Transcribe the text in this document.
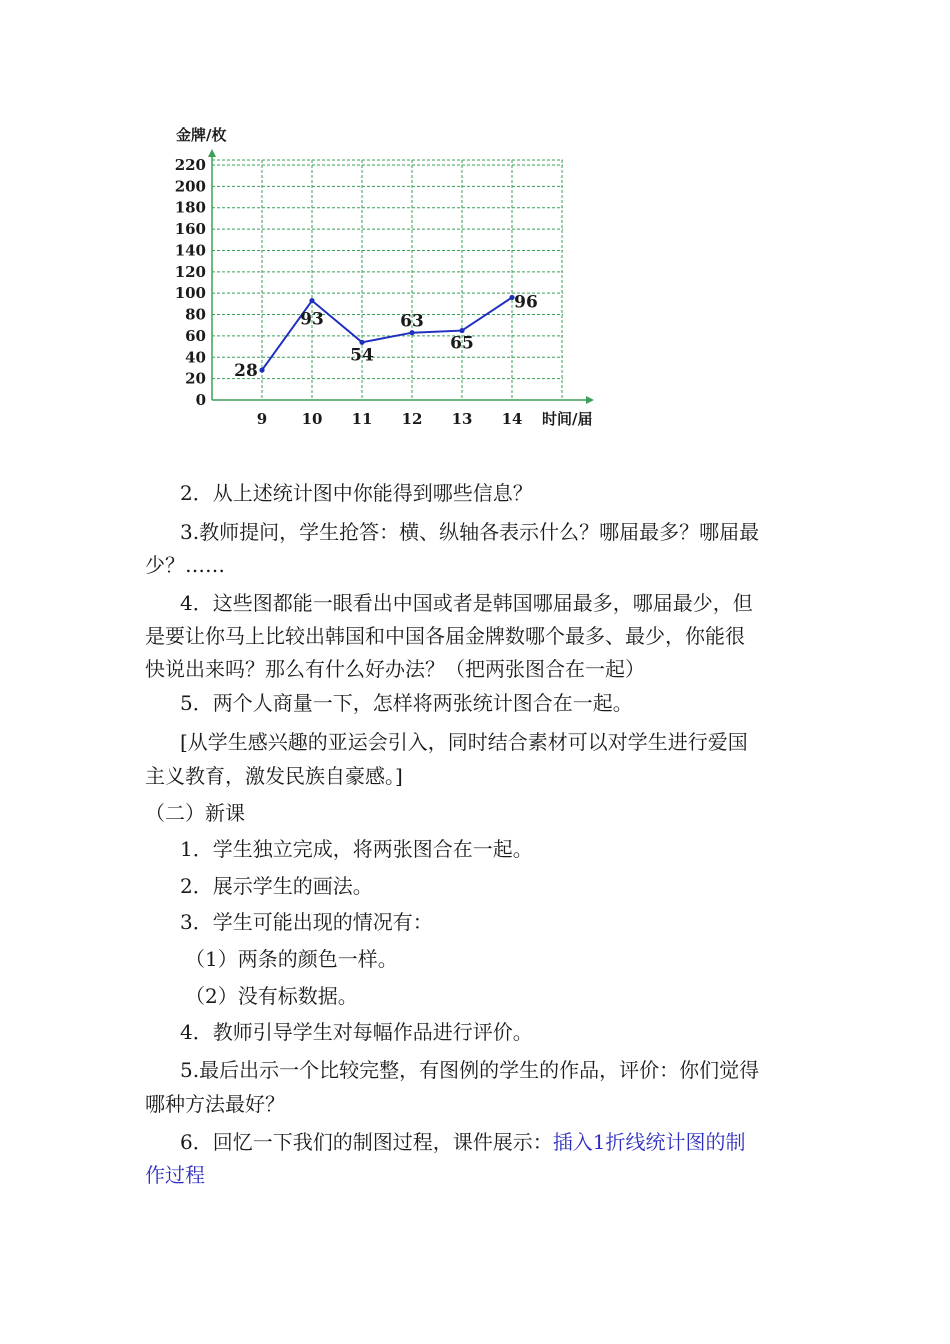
0
20
40
60
80
100
120
140
160
180
200
220
9 10 11 12 13 14
28
93
54
63
65
96
金牌/枚
时间/届
2．从上述统计图中你能得到哪些信息？
3.教师提问，学生抢答：横、纵轴各表示什么？哪届最多？哪届最
少？……
4．这些图都能一眼看出中国或者是韩国哪届最多，哪届最少，但
是要让你马上比较出韩国和中国各届金牌数哪个最多、最少，你能很
快说出来吗？那么有什么好办法？（把两张图合在一起）
5．两个人商量一下，怎样将两张统计图合在一起。
[从学生感兴趣的亚运会引入，同时结合素材可以对学生进行爱国
主义教育，激发民族自豪感。]
（二）新课
1．学生独立完成，将两张图合在一起。
2．展示学生的画法。
3．学生可能出现的情况有：
（1）两条的颜色一样。
（2）没有标数据。
4．教师引导学生对每幅作品进行评价。
5.最后出示一个比较完整，有图例的学生的作品，评价：你们觉得
哪种方法最好？
6．回忆一下我们的制图过程，课件展示：插入1折线统计图的制
作过程
